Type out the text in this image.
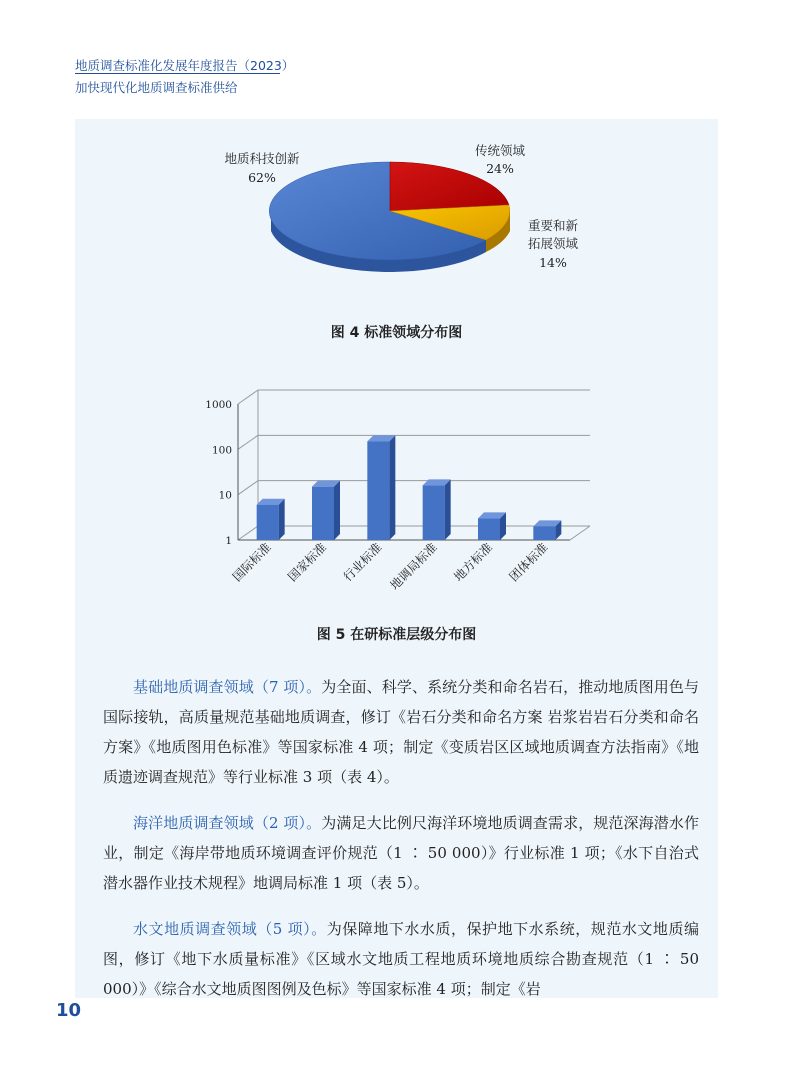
地质调查标准化发展年度报告（2023）
加快现代化地质调查标准供给
地质科技创新
62%
传统领域
24%
重要和新
拓展领域
14%
图 4 标准领域分布图
1
10
100
1000
国际标准 国家标准 行业标准 地调局标准 地方标准 团体标准
图 5 在研标准层级分布图

基础地质调查领域（7 项）。为全面、科学、系统分类和命名岩石，推动地质图用色与国际接轨，高质量规范基础地质调查，修订《岩石分类和命名方案 岩浆岩岩石分类和命名方案》《地质图用色标准》等国家标准 4 项；制定《变质岩区区域地质调查方法指南》《地质遗迹调查规范》等行业标准 3 项（表 4）。

海洋地质调查领域（2 项）。为满足大比例尺海洋环境地质调查需求，规范深海潜水作业，制定《海岸带地质环境调查评价规范（1 ∶ 50 000）》行业标准 1 项；《水下自治式潜水器作业技术规程》地调局标准 1 项（表 5）。

水文地质调查领域（5 项）。为保障地下水水质，保护地下水系统，规范水文地质编图，修订《地下水质量标准》《区域水文地质工程地质环境地质综合勘查规范（1 ∶ 50 000）》《综合水文地质图图例及色标》等国家标准 4 项；制定《岩

10
